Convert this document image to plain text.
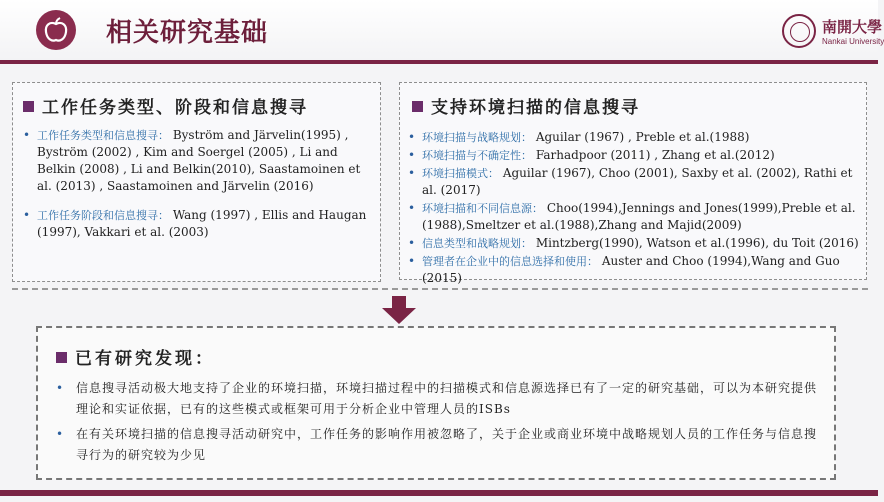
相关研究基础	南開大學
Nankai University
工作任务类型、阶段和信息搜寻
• 工作任务类型和信息搜寻： Byström and Järvelin(1995) , Byström (2002) , Kim and Soergel (2005) , Li and Belkin (2008) , Li and Belkin(2010), Saastamoinen et al. (2013) , Saastamoinen and Järvelin (2016)
• 工作任务阶段和信息搜寻： Wang (1997) , Ellis and Haugan (1997), Vakkari et al. (2003)
支持环境扫描的信息搜寻
• 环境扫描与战略规划： Aguilar (1967) , Preble et al.(1988)
• 环境扫描与不确定性： Farhadpoor (2011) , Zhang et al.(2012)
• 环境扫描模式： Aguilar (1967), Choo (2001), Saxby et al. (2002), Rathi et al. (2017)
• 环境扫描和不同信息源： Choo(1994),Jennings and Jones(1999),Preble et al.(1988),Smeltzer et al.(1988),Zhang and Majid(2009)
• 信息类型和战略规划： Mintzberg(1990), Watson et al.(1996), du Toit (2016)
• 管理者在企业中的信息选择和使用： Auster and Choo (1994),Wang and Guo (2015)
已有研究发现：
• 信息搜寻活动极大地支持了企业的环境扫描，环境扫描过程中的扫描模式和信息源选择已有了一定的研究基础，可以为本研究提供理论和实证依据，已有的这些模式或框架可用于分析企业中管理人员的ISBs
• 在有关环境扫描的信息搜寻活动研究中，工作任务的影响作用被忽略了，关于企业或商业环境中战略规划人员的工作任务与信息搜寻行为的研究较为少见
